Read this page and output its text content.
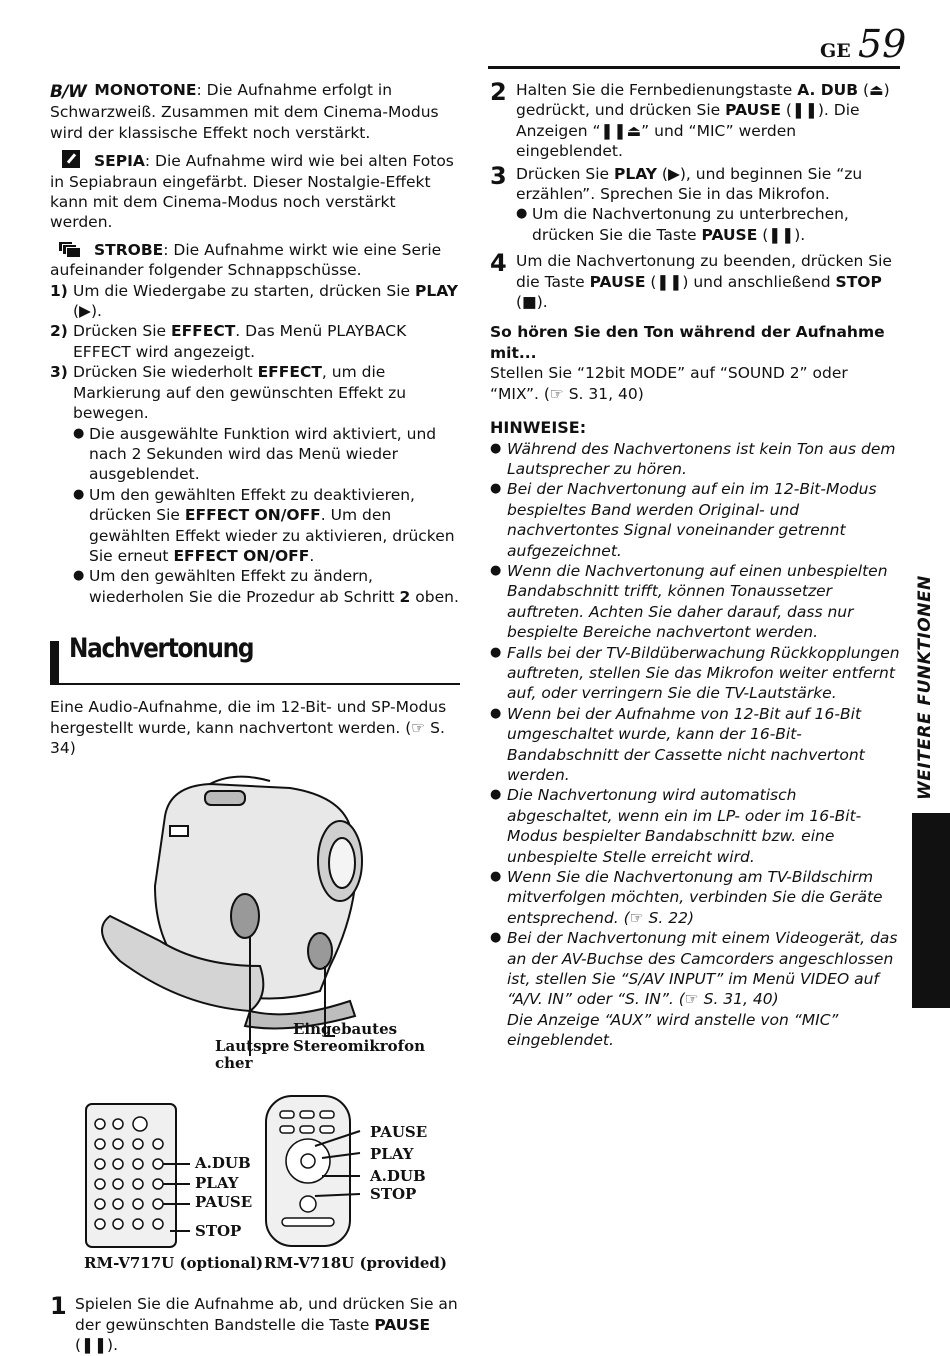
GE 59

B/W MONOTONE: Die Aufnahme erfolgt in Schwarzweiß. Zusammen mit dem Cinema-Modus wird der klassische Effekt noch verstärkt.

SEPIA: Die Aufnahme wird wie bei alten Fotos in Sepiabraun eingefärbt. Dieser Nostalgie-Effekt kann mit dem Cinema-Modus noch verstärkt werden.

STROBE: Die Aufnahme wirkt wie eine Serie aufeinander folgender Schnappschüsse.

1) Um die Wiedergabe zu starten, drücken Sie PLAY (▶).
2) Drücken Sie EFFECT. Das Menü PLAYBACK EFFECT wird angezeigt.
3) Drücken Sie wiederholt EFFECT, um die Markierung auf den gewünschten Effekt zu bewegen.
● Die ausgewählte Funktion wird aktiviert, und nach 2 Sekunden wird das Menü wieder ausgeblendet.
● Um den gewählten Effekt zu deaktivieren, drücken Sie EFFECT ON/OFF. Um den gewählten Effekt wieder zu aktivieren, drücken Sie erneut EFFECT ON/OFF.
● Um den gewählten Effekt zu ändern, wiederholen Sie die Prozedur ab Schritt 2 oben.
Nachvertonung

Eine Audio-Aufnahme, die im 12-Bit- und SP-Modus hergestellt wurde, kann nachvertont werden. (☞ S. 34)

Lautspre
cher
Eingebautes
Stereomikrofon
A.DUB
PLAY
PAUSE
STOP
PAUSE
PLAY
A.DUB
STOP
RM-V717U (optional) RM-V718U (provided)
1 Spielen Sie die Aufnahme ab, und drücken Sie an der gewünschten Bandstelle die Taste PAUSE (❚❚).
2 Halten Sie die Fernbedienungstaste A. DUB (⏏) gedrückt, und drücken Sie PAUSE (❚❚). Die Anzeigen “❚❚⏏” und “MIC” werden eingeblendet.
3 Drücken Sie PLAY (▶), und beginnen Sie “zu erzählen”. Sprechen Sie in das Mikrofon.
● Um die Nachvertonung zu unterbrechen, drücken Sie die Taste PAUSE (❚❚).
4 Um die Nachvertonung zu beenden, drücken Sie die Taste PAUSE (❚❚) und anschließend STOP (■).

So hören Sie den Ton während der Aufnahme mit...

Stellen Sie “12bit MODE” auf “SOUND 2” oder “MIX”. (☞ S. 31, 40)

HINWEISE:

● Während des Nachvertonens ist kein Ton aus dem Lautsprecher zu hören.
● Bei der Nachvertonung auf ein im 12-Bit-Modus bespieltes Band werden Original- und nachvertontes Signal voneinander getrennt aufgezeichnet.
● Wenn die Nachvertonung auf einen unbespielten Bandabschnitt trifft, können Tonaussetzer auftreten. Achten Sie daher darauf, dass nur bespielte Bereiche nachvertont werden.
● Falls bei der TV-Bildüberwachung Rückkopplungen auftreten, stellen Sie das Mikrofon weiter entfernt auf, oder verringern Sie die TV-Lautstärke.
● Wenn bei der Aufnahme von 12-Bit auf 16-Bit umgeschaltet wurde, kann der 16-Bit-Bandabschnitt der Cassette nicht nachvertont werden.
● Die Nachvertonung wird automatisch abgeschaltet, wenn ein im LP- oder im 16-Bit-Modus bespielter Bandabschnitt bzw. eine unbespielte Stelle erreicht wird.
● Wenn Sie die Nachvertonung am TV-Bildschirm mitverfolgen möchten, verbinden Sie die Geräte entsprechend. (☞ S. 22)
● Bei der Nachvertonung mit einem Videogerät, das an der AV-Buchse des Camcorders angeschlossen ist, stellen Sie “S/AV INPUT” im Menü VIDEO auf “A/V. IN” oder “S. IN”. (☞ S. 31, 40)
Die Anzeige “AUX” wird anstelle von “MIC” eingeblendet.
WEITERE FUNKTIONEN
